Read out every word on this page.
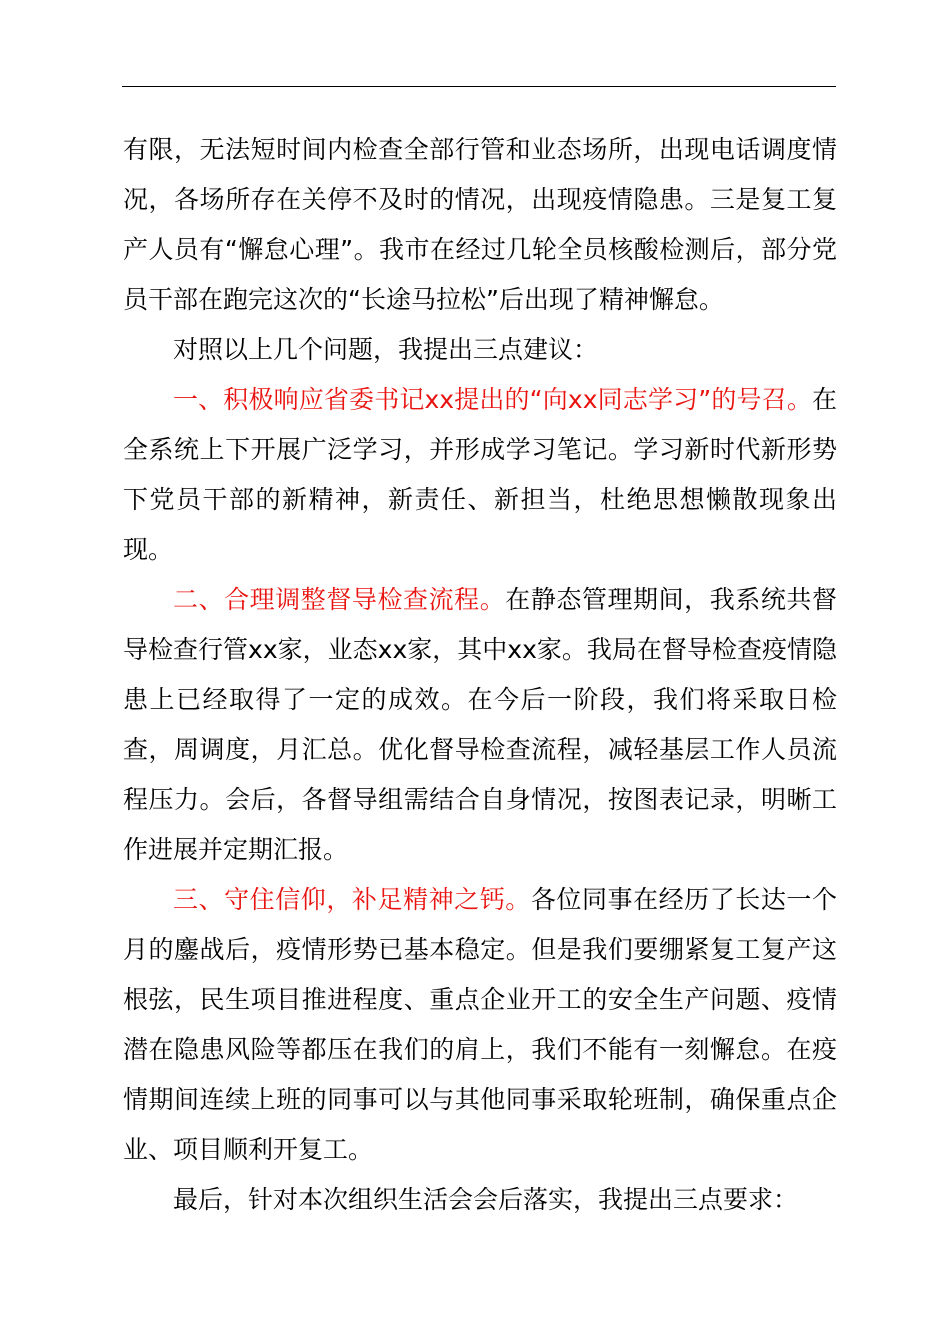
有限，无法短时间内检查全部行管和业态场所，出现电话调度情况，各场所存在关停不及时的情况，出现疫情隐患。三是复工复产人员有“懈怠心理”。我市在经过几轮全员核酸检测后，部分党员干部在跑完这次的“长途马拉松”后出现了精神懈怠。

对照以上几个问题，我提出三点建议：

一、积极响应省委书记xx提出的“向xx同志学习”的号召。在全系统上下开展广泛学习，并形成学习笔记。学习新时代新形势下党员干部的新精神，新责任、新担当，杜绝思想懒散现象出现。

二、合理调整督导检查流程。在静态管理期间，我系统共督导检查行管xx家，业态xx家，其中xx家。我局在督导检查疫情隐患上已经取得了一定的成效。在今后一阶段，我们将采取日检查，周调度，月汇总。优化督导检查流程，减轻基层工作人员流程压力。会后，各督导组需结合自身情况，按图表记录，明晰工作进展并定期汇报。

三、守住信仰，补足精神之钙。各位同事在经历了长达一个月的鏖战后，疫情形势已基本稳定。但是我们要绷紧复工复产这根弦，民生项目推进程度、重点企业开工的安全生产问题、疫情潜在隐患风险等都压在我们的肩上，我们不能有一刻懈怠。在疫情期间连续上班的同事可以与其他同事采取轮班制，确保重点企业、项目顺利开复工。

最后，针对本次组织生活会会后落实，我提出三点要求：
